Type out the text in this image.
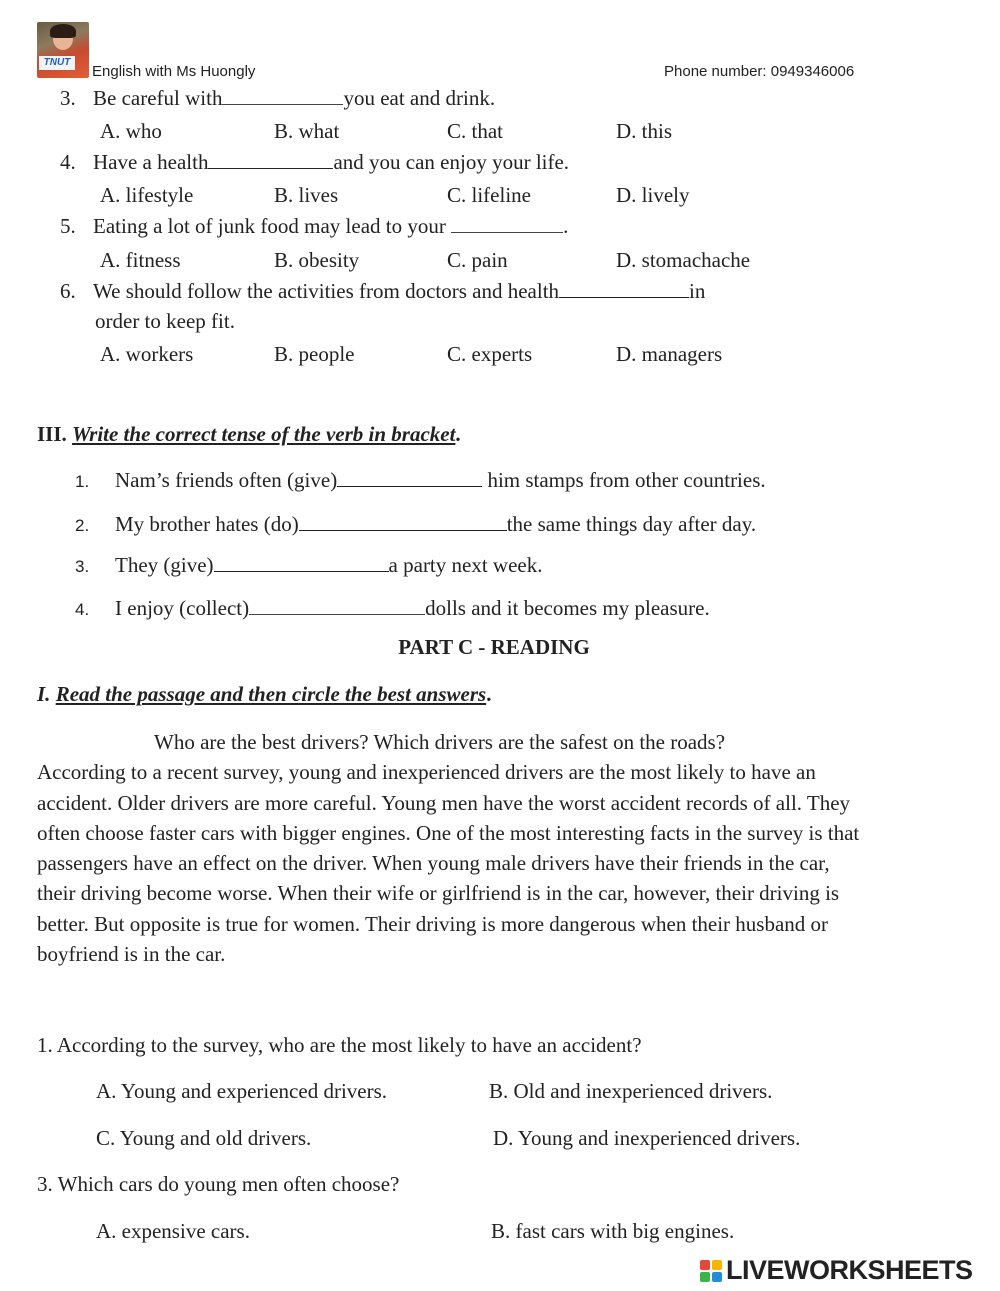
TNUT
English with Ms Huongly	Phone number: 0949346006
3. Be careful with	you eat and drink.
A. who	B. what	C. that	D. this
4. Have a health	and you can enjoy your life.
A. lifestyle	B. lives	C. lifeline	D. lively
5. Eating a lot of junk food may lead to your	.
A. fitness	B. obesity	C. pain	D. stomachache
6. We should follow the activities from doctors and health	in
order to keep fit.
A. workers	B. people	C. experts	D. managers
III. Write the correct tense of the verb in bracket.
1. Nam’s friends often (give)	him stamps from other countries.
2. My brother hates (do)	the same things day after day.
3. They (give)	a party next week.
4. I enjoy (collect)	dolls and it becomes my pleasure.
PART C - READING
I. Read the passage and then circle the best answers.
Who are the best drivers? Which drivers are the safest on the roads?
According to a recent survey, young and inexperienced drivers are the most likely to have an accident. Older drivers are more careful. Young men have the worst accident records of all. They often choose faster cars with bigger engines. One of the most interesting facts in the survey is that passengers have an effect on the driver. When young male drivers have their friends in the car, their driving become worse. When their wife or girlfriend is in the car, however, their driving is better. But opposite is true for women. Their driving is more dangerous when their husband or boyfriend is in the car.
1. According to the survey, who are the most likely to have an accident?
A. Young and experienced drivers.	B. Old and inexperienced drivers.
C. Young and old drivers.	D. Young and inexperienced drivers.
3. Which cars do young men often choose?
A. expensive cars.	B. fast cars with big engines.
LIVEWORKSHEETS
